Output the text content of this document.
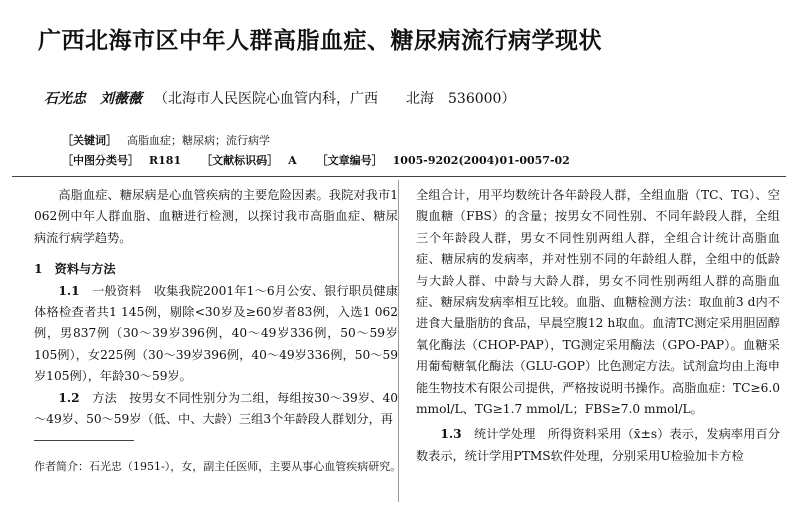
广西北海市区中年人群高脂血症、糖尿病流行病学现状
石光忠　刘薇薇 （北海市人民医院心血管内科，广西　　北海　536000）
［关键词］ 高脂血症；糖尿病；流行病学
［中图分类号］ R181 ［文献标识码］ A ［文章编号］ 1005-9202(2004)01-0057-02

高脂血症、糖尿病是心血管疾病的主要危险因素。我院对我市1 062例中年人群血脂、血糖进行检测，以探讨我市高脂血症、糖尿病流行病学趋势。

1　资料与方法

1.1　 一般资料　 收集我院2001年1～6月公安、银行职员健康体格检查者共1 145例，剔除<30岁及≥60岁者83例，入选1 062例，男837例（30～39岁396例，40～49岁336例，50～59岁105例），女225例（30～39岁396例，40～49岁336例，50～59岁105例），年龄30～59岁。

1.2　 方法　 按男女不同性别分为二组，每组按30～39岁、40～49岁、50～59岁（低、中、大龄）三组3个年龄段人群划分，再

作者简介：石光忠（1951-），女，副主任医师，主要从事心血管疾病研究。

全组合计，用平均数统计各年龄段人群，全组血脂（TC、TG）、空腹血糖（FBS）的含量；按男女不同性别、不同年龄段人群，全组三个年龄段人群，男女不同性别两组人群，全组合计统计高脂血症、糖尿病的发病率，并对性别不同的年龄组人群，全组中的低龄与大龄人群、中龄与大龄人群，男女不同性别两组人群的高脂血症、糖尿病发病率相互比较。血脂、血糖检测方法：取血前3 d内不进食大量脂肪的食品，早晨空腹12 h取血。血清TC测定采用胆固醇氧化酶法（CHOP-PAP），TG测定采用酶法（GPO-PAP）。血糖采用葡萄糖氧化酶法（GLU-GOP）比色测定方法。试剂盒均由上海申能生物技术有限公司提供，严格按说明书操作。高脂血症：TC≥6.0 mmol/L、TG≥1.7 mmol/L；FBS≥7.0 mmol/L。

1.3　 统计学处理　 所得资料采用（x̄±s）表示，发病率用百分数表示，统计学用PTMS软件处理，分别采用U检验加卡方检
